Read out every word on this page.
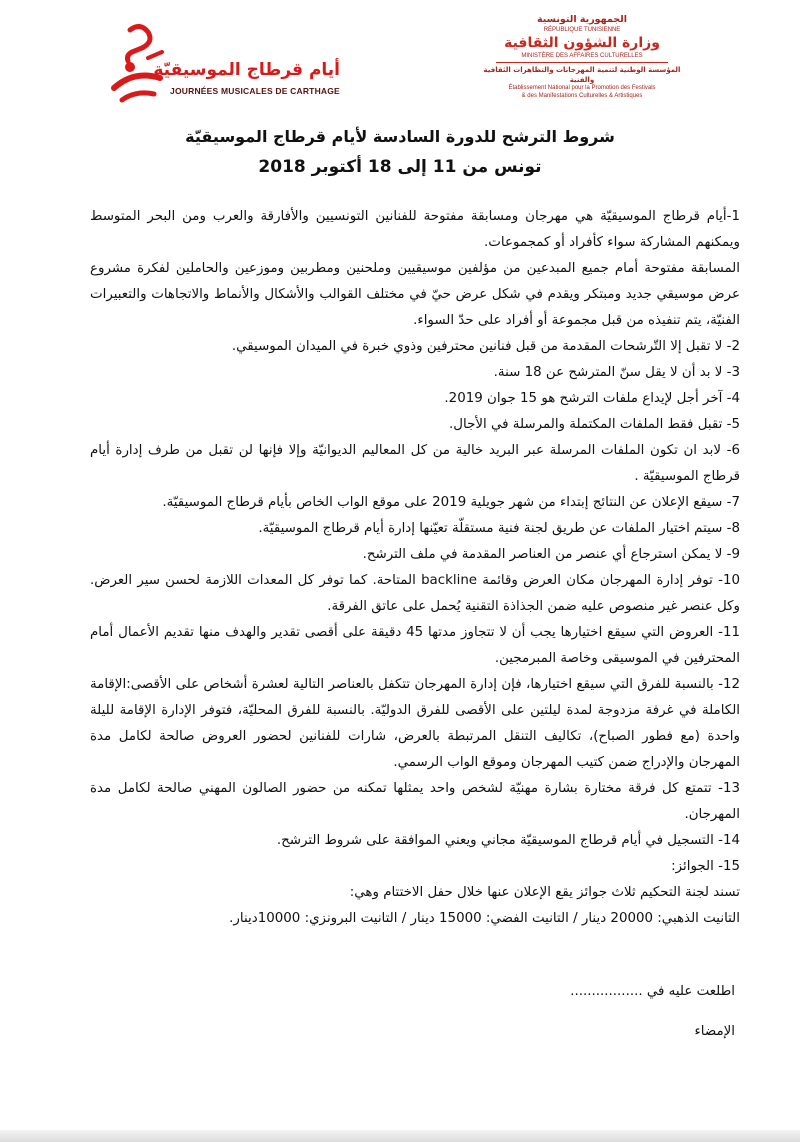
أيام قرطاج الموسيقيّة
JOURNÉES MUSICALES DE CARTHAGE
الجمهورية التونسية
RÉPUBLIQUE TUNISIENNE
وزارة الشؤون الثقافية
MINISTÈRE DES AFFAIRES CULTURELLES
المؤسسة الوطنية لتنمية المهرجانات والتظاهرات الثقافية والفنية
Établissement National pour la Promotion des Festivals
& des Manifestations Culturelles & Artistiques
شروط الترشح للدورة السادسة لأيام قرطاج الموسيقيّة
تونس من 11 إلى 18 أكتوبر 2018

1-أيام قرطاج الموسيقيّة هي مهرجان ومسابقة مفتوحة للفنانين التونسيين والأفارقة والعرب ومن البحر المتوسط ويمكنهم المشاركة سواء كأفراد أو كمجموعات.

المسابقة مفتوحة أمام جميع المبدعين من مؤلفين موسيقيين وملحنين ومطربين وموزعين والحاملين لفكرة مشروع عرض موسيقي جديد ومبتكر ويقدم في شكل عرض حيّ في مختلف القوالب والأشكال والأنماط والاتجاهات والتعبيرات الفنيّة، يتم تنفيذه من قبل مجموعة أو أفراد على حدّ السواء.

2- لا تقبل إلا التّرشحات المقدمة من قبل فنانين محترفين وذوي خبرة في الميدان الموسيقي.

3- لا بد أن لا يقل سنّ المترشح عن 18 سنة.

4- آخر أجل لإيداع ملفات الترشح هو 15 جوان 2019.

5- تقبل فقط الملفات المكتملة والمرسلة في الأجال.

6- لابد ان تكون الملفات المرسلة عبر البريد خالية من كل المعاليم الديوانيّة وإلا فإنها لن تقبل من طرف إدارة أيام قرطاج الموسيقيّة .

7- سيقع الإعلان عن النتائج إبتداء من شهر جويلية 2019 على موقع الواب الخاص بأيام قرطاج الموسيقيّة.

8- سيتم اختيار الملفات عن طريق لجنة فنية مستقلّة تعيّنها إدارة أيام قرطاج الموسيقيّة.

9- لا يمكن استرجاع أي عنصر من العناصر المقدمة في ملف الترشح.

10- توفر إدارة المهرجان مكان العرض وقائمة backline المتاحة. كما توفر كل المعدات اللازمة لحسن سير العرض. وكل عنصر غير منصوص عليه ضمن الجذاذة التقنية يُحمل على عاتق الفرقة.

11- العروض التي سيقع اختيارها يجب أن لا تتجاوز مدتها 45 دقيقة على أقصى تقدير والهدف منها تقديم الأعمال أمام المحترفين في الموسيقى وخاصة المبرمجين.

12- بالنسبة للفرق التي سيقع اختيارها، فإن إدارة المهرجان تتكفل بالعناصر التالية لعشرة أشخاص على الأقصى:الإقامة الكاملة في غرفة مزدوجة لمدة ليلتين على الأقصى للفرق الدوليّة. بالنسبة للفرق المحليّة، فتوفر الإدارة الإقامة لليلة واحدة (مع فطور الصباح)، تكاليف التنقل المرتبطة بالعرض، شارات للفنانين لحضور العروض صالحة لكامل مدة المهرجان والإدراج ضمن كتيب المهرجان وموقع الواب الرسمي.

13- تتمتع كل فرقة مختارة بشارة مهنيّة لشخص واحد يمثلها تمكنه من حضور الصالون المهني صالحة لكامل مدة المهرجان.

14- التسجيل في أيام قرطاج الموسيقيّة مجاني ويعني الموافقة على شروط الترشح.

15- الجوائز:

تسند لجنة التحكيم ثلاث جوائز يقع الإعلان عنها خلال حفل الاختتام وهي:

التانيت الذهبي: 20000 دينار / التانيت الفضي: 15000 دينار / التانيت البرونزي: 10000دينار.

اطلعت عليه في .................
الإمضاء
